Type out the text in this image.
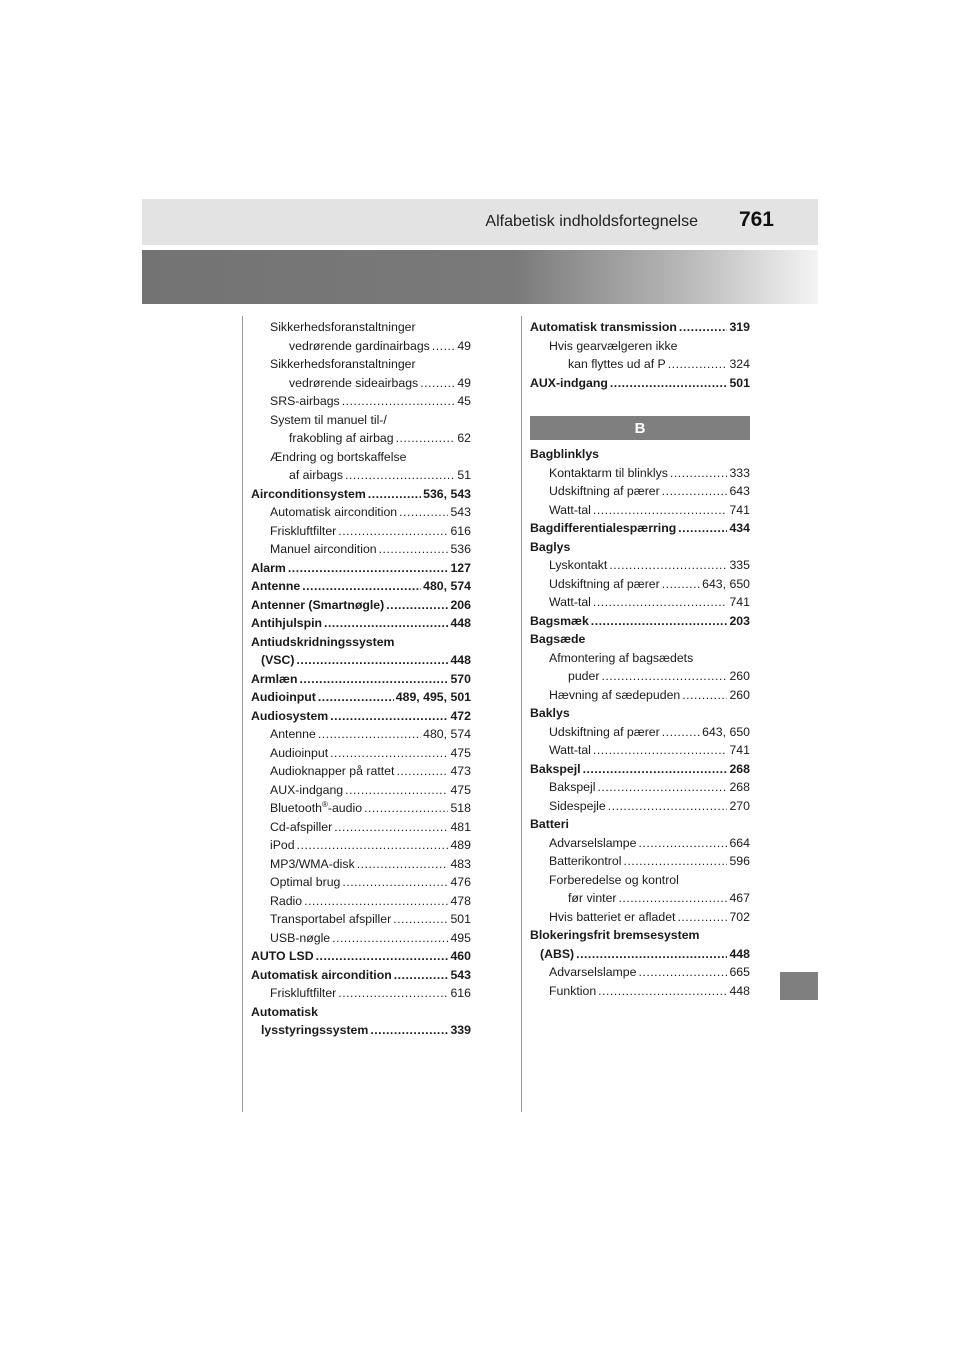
Alfabetisk indholdsfortegnelse 761
Sikkerhedsforanstaltninger
vedrørende gardinairbags ..... 49
Sikkerhedsforanstaltninger
vedrørende sideairbags .....	49
SRS-airbags .....	45
System til manuel til-/
frakobling af airbag .....	62
Ændring og bortskaffelse
af airbags .....	51
Airconditionsystem .....	536, 543
Automatisk aircondition .....	543
Friskluftfilter .....	616
Manuel aircondition .....	536
Alarm .....	127
Antenne .....	480, 574
Antenner (Smartnøgle) .....	206
Antihjulspin .....	448
Antiudskridningssystem
(VSC) .....	448
Armlæn .....	570
Audioinput .....	489, 495, 501
Audiosystem .....	472
Antenne .....	480, 574
Audioinput .....	475
Audioknapper på rattet .....	473
AUX-indgang .....	475
Bluetooth®-audio .....	518
Cd-afspiller .....	481
iPod .....	489
MP3/WMA-disk .....	483
Optimal brug .....	476
Radio .....	478
Transportabel afspiller .....	501
USB-nøgle .....	495
AUTO LSD .....	460
Automatisk aircondition .....	543
Friskluftfilter .....	616
Automatisk
lysstyringssystem .....	339
Automatisk transmission .....	319
Hvis gearvælgeren ikke
kan flyttes ud af P .....	324
AUX-indgang .....	501
B
Bagblinklys
Kontaktarm til blinklys .....	333
Udskiftning af pærer .....	643
Watt-tal .....	741
Bagdifferentialespærring .....	434
Baglys
Lyskontakt .....	335
Udskiftning af pærer .....	643, 650
Watt-tal .....	741
Bagsmæk .....	203
Bagsæde
Afmontering af bagsædets
puder .....	260
Hævning af sædepuden .....	260
Baklys
Udskiftning af pærer .....	643, 650
Watt-tal .....	741
Bakspejl .....	268
Bakspejl .....	268
Sidespejle .....	270
Batteri
Advarselslampe .....	664
Batterikontrol .....	596
Forberedelse og kontrol
før vinter .....	467
Hvis batteriet er afladet .....	702
Blokeringsfrit bremsesystem
(ABS) .....	448
Advarselslampe .....	665
Funktion .....	448
